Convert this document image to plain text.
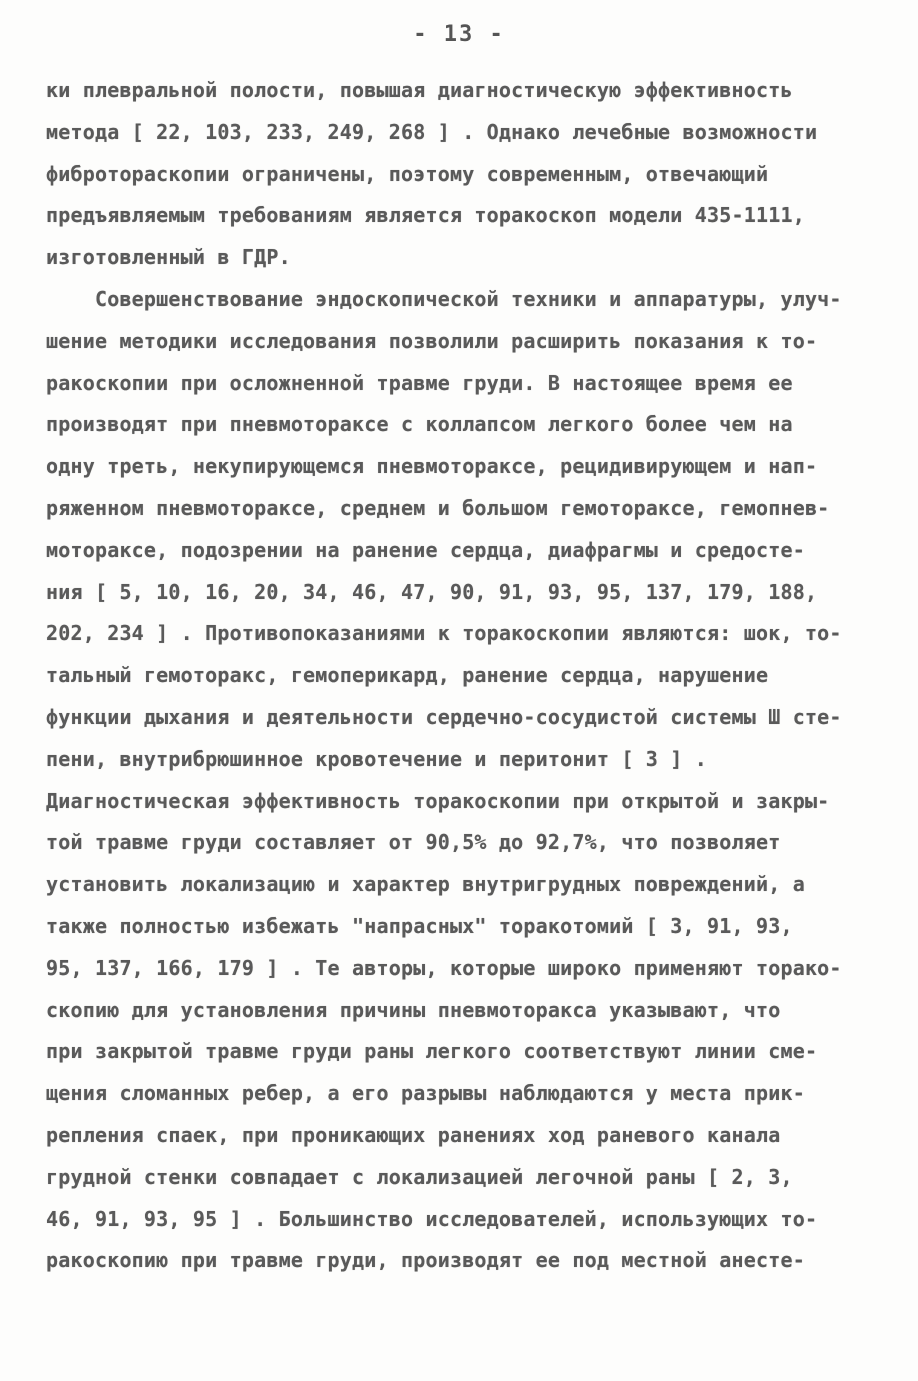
- 13 -
ки плевральной полости, повышая диагностическую эффективность
метода [ 22, 103, 233, 249, 268 ] . Однако лечебные возможности
фибротораскопии ограничены, поэтому современным, отвечающий
предъявляемым требованиям является торакоскоп модели 435-1111,
изготовленный в ГДР.
Совершенствование эндоскопической техники и аппаратуры, улуч-
шение методики исследования позволили расширить показания к то-
ракоскопии при осложненной травме груди. В настоящее время ее
производят при пневмотораксе с коллапсом легкого более чем на
одну треть, некупирующемся пневмотораксе, рецидивирующем и нап-
ряженном пневмотораксе, среднем и большом гемотораксе, гемопнев-
мотораксе, подозрении на ранение сердца, диафрагмы и средосте-
ния [ 5, 10, 16, 20, 34, 46, 47, 90, 91, 93, 95, 137, 179, 188,
202, 234 ] . Противопоказаниями к торакоскопии являются: шок, то-
тальный гемоторакс, гемоперикард, ранение сердца, нарушение
функции дыхания и деятельности сердечно-сосудистой системы Ш сте-
пени, внутрибрюшинное кровотечение и перитонит [ 3 ] .
Диагностическая эффективность торакоскопии при открытой и закры-
той травме груди составляет от 90,5% до 92,7%, что позволяет
установить локализацию и характер внутригрудных повреждений, а
также полностью избежать "напрасных" торакотомий [ 3, 91, 93,
95, 137, 166, 179 ] . Те авторы, которые широко применяют торако-
скопию для установления причины пневмоторакса указывают, что
при закрытой травме груди раны легкого соответствуют линии сме-
щения сломанных ребер, а его разрывы наблюдаются у места прик-
репления спаек, при проникающих ранениях ход раневого канала
грудной стенки совпадает с локализацией легочной раны [ 2, 3,
46, 91, 93, 95 ] . Большинство исследователей, использующих то-
ракоскопию при травме груди, производят ее под местной анесте-
